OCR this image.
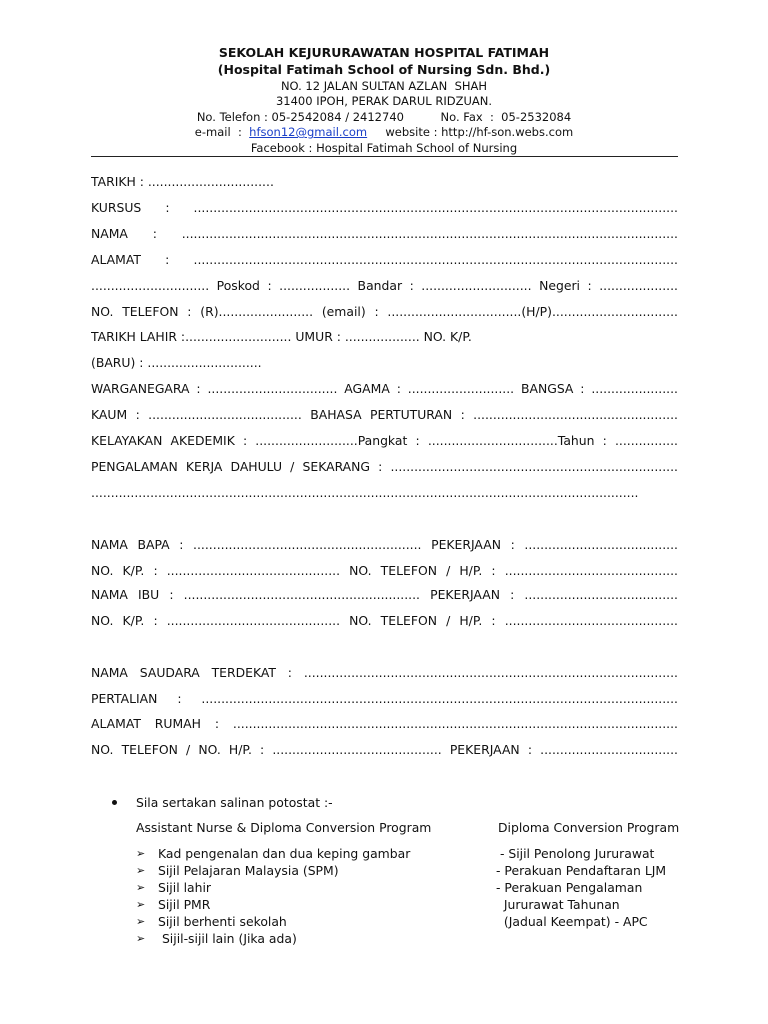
SEKOLAH KEJURURAWATAN HOSPITAL FATIMAH
(Hospital Fatimah School of Nursing Sdn. Bhd.)
NO. 12 JALAN SULTAN AZLAN  SHAH
31400 IPOH, PERAK DARUL RIDZUAN.
No. Telefon : 05-2542084 / 2412740          No. Fax  :  05-2532084
e-mail  :  hfson12@gmail.com     website : http://hf-son.webs.com
Facebook : Hospital Fatimah School of Nursing
TARIKH : ................................
KURSUS : ...........................................................................................................................
NAMA : ..............................................................................................................................
ALAMAT : ...........................................................................................................................
.............................. Poskod : .................. Bandar : ............................ Negeri : ....................
NO. TELEFON : (R)........................ (email) : ..................................(H/P)................................
TARIKH LAHIR :........................... UMUR : ................... NO. K/P.
(BARU) : .............................
WARGANEGARA : ................................. AGAMA : ........................... BANGSA : ......................
KAUM : ....................................... BAHASA PERTUTURAN : ....................................................
KELAYAKAN AKEDEMIK : ..........................Pangkat : .................................Tahun : ................
PENGALAMAN KERJA DAHULU / SEKARANG : .........................................................................
...........................................................................................................................................
NAMA BAPA : .......................................................... PEKERJAAN : .......................................
NO. K/P. : ............................................ NO. TELEFON / H/P. : ............................................
NAMA IBU : ............................................................ PEKERJAAN : .......................................
NO. K/P. : ............................................ NO. TELEFON / H/P. : ............................................
NAMA SAUDARA TERDEKAT : ...............................................................................................
PERTALIAN : .........................................................................................................................
ALAMAT RUMAH : .................................................................................................................
NO. TELEFON / NO. H/P. : ........................................... PEKERJAAN : ...................................
Sila sertakan salinan potostat :-
Assistant Nurse & Diploma Conversion Program	Diploma Conversion Program
➢ Kad pengenalan dan dua keping gambar
➢ Sijil Pelajaran Malaysia (SPM)
➢ Sijil lahir
➢ Sijil PMR
➢ Sijil berhenti sekolah
➢ Sijil-sijil lain (Jika ada)
- Sijil Penolong Jururawat
- Perakuan Pendaftaran LJM
- Perakuan Pengalaman
Jururawat Tahunan
(Jadual Keempat) - APC
